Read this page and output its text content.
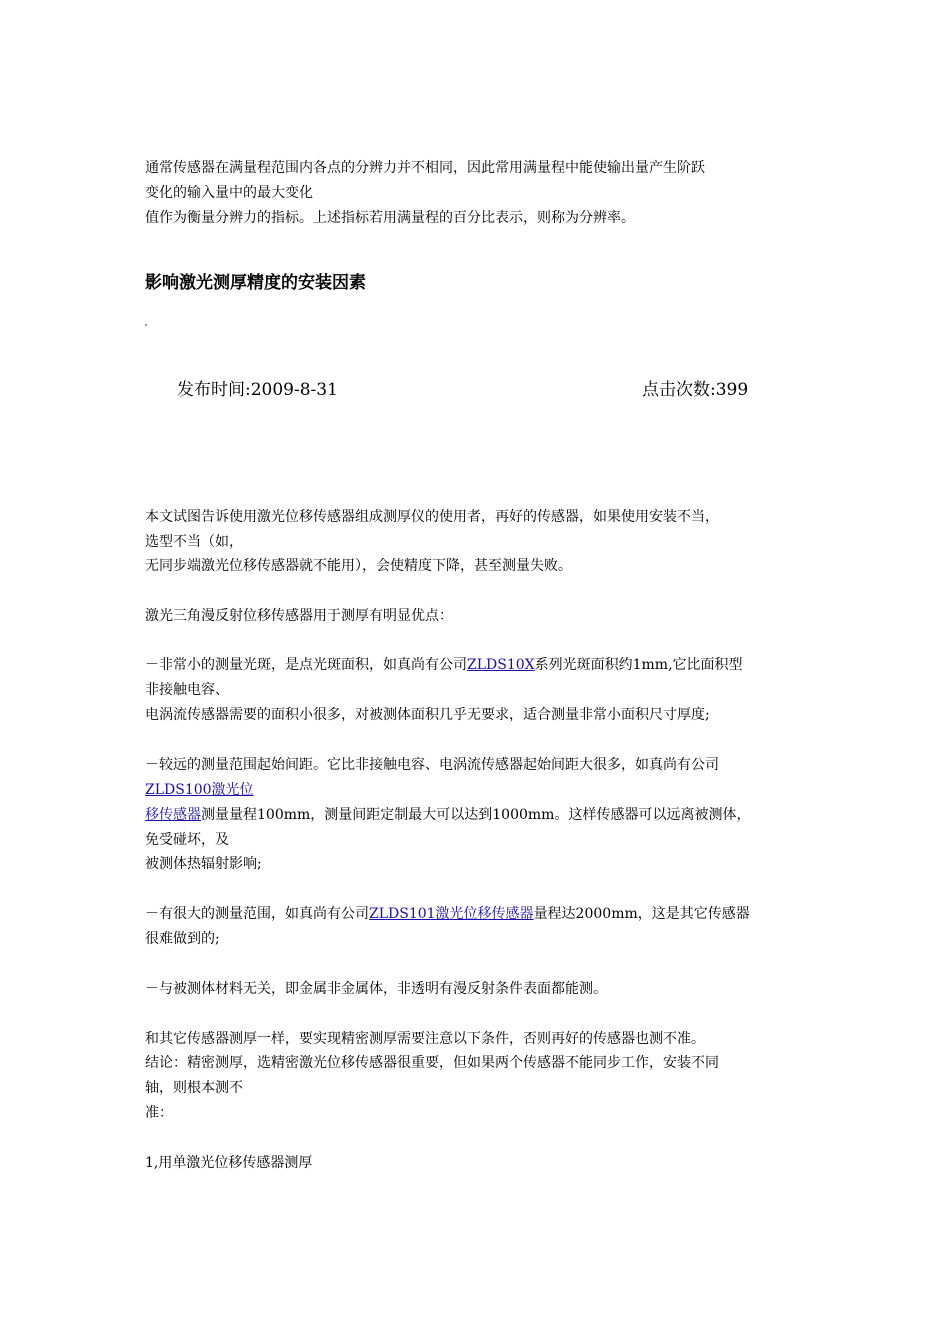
通常传感器在满量程范围内各点的分辨力并不相同，因此常用满量程中能使输出量产生阶跃
变化的输入量中的最大变化
值作为衡量分辨力的指标。上述指标若用满量程的百分比表示，则称为分辨率。
影响激光测厚精度的安装因素
发布时间:2009-8-31	点击次数:399
本文试图告诉使用激光位移传感器组成测厚仪的使用者，再好的传感器，如果使用安装不当，
选型不当（如，
无同步端激光位移传感器就不能用），会使精度下降，甚至测量失败。
激光三角漫反射位移传感器用于测厚有明显优点：
－非常小的测量光斑，是点光斑面积，如真尚有公司ZLDS10X系列光斑面积约1mm,它比面积型
非接触电容、
电涡流传感器需要的面积小很多，对被测体面积几乎无要求，适合测量非常小面积尺寸厚度;
－较远的测量范围起始间距。它比非接触电容、电涡流传感器起始间距大很多，如真尚有公司
ZLDS100激光位
移传感器测量量程100mm，测量间距定制最大可以达到1000mm。这样传感器可以远离被测体，
免受碰坏，及
被测体热辐射影响;
－有很大的测量范围，如真尚有公司ZLDS101激光位移传感器量程达2000mm，这是其它传感器
很难做到的;
－与被测体材料无关，即金属非金属体，非透明有漫反射条件表面都能测。
和其它传感器测厚一样，要实现精密测厚需要注意以下条件，否则再好的传感器也测不准。
结论：精密测厚，选精密激光位移传感器很重要，但如果两个传感器不能同步工作，安装不同
轴，则根本测不
准：
1,用单激光位移传感器测厚
